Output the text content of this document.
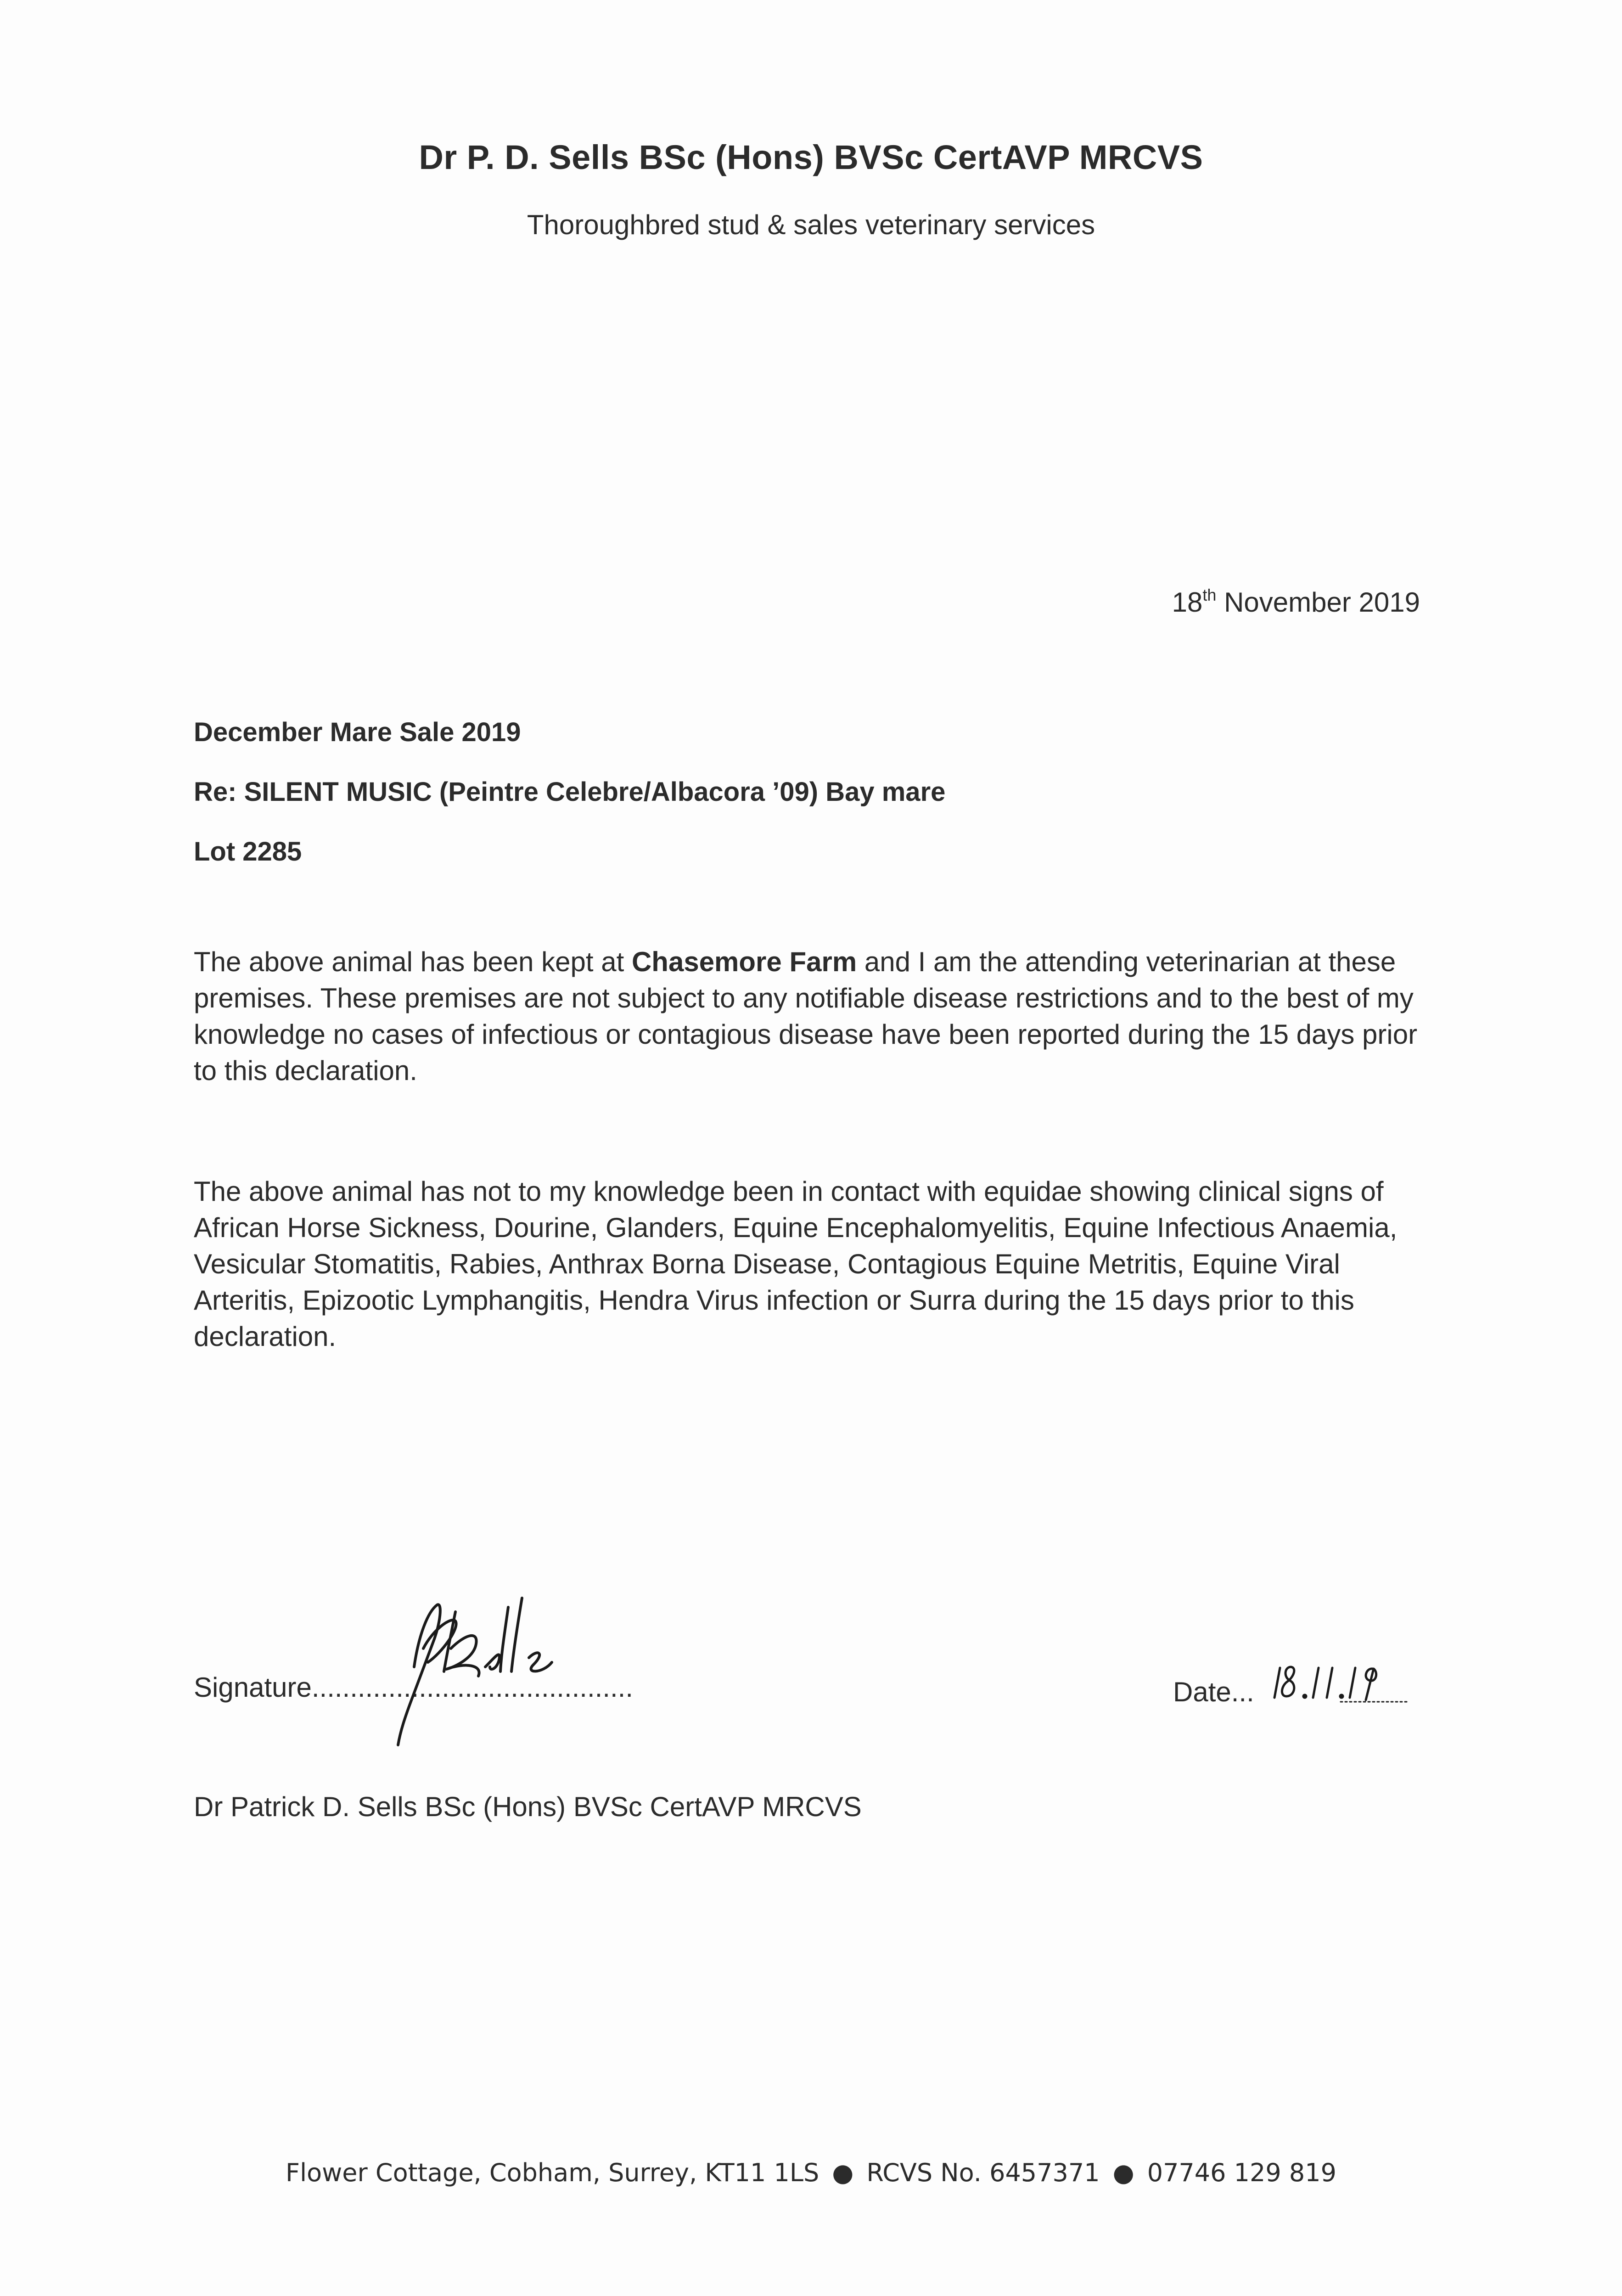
Dr P. D. Sells BSc (Hons) BVSc CertAVP MRCVS
Thoroughbred stud & sales veterinary services
18th November 2019
December Mare Sale 2019
Re: SILENT MUSIC (Peintre Celebre/Albacora ’09) Bay mare
Lot 2285
The above animal has been kept at Chasemore Farm and I am the attending veterinarian at these premises. These premises are not subject to any notifiable disease restrictions and to the best of my knowledge no cases of infectious or contagious disease have been reported during the 15 days prior to this declaration.
The above animal has not to my knowledge been in contact with equidae showing clinical signs of African Horse Sickness, Dourine, Glanders, Equine Encephalomyelitis, Equine Infectious Anaemia, Vesicular Stomatitis, Rabies, Anthrax Borna Disease, Contagious Equine Metritis, Equine Viral Arteritis, Epizootic Lymphangitis, Hendra Virus infection or Surra during the 15 days prior to this declaration.
Signature..........................................	Date...
Dr Patrick D. Sells BSc (Hons) BVSc CertAVP MRCVS
Flower Cottage, Cobham, Surrey, KT11 1LS ● RCVS No. 6457371 ● 07746 129 819
